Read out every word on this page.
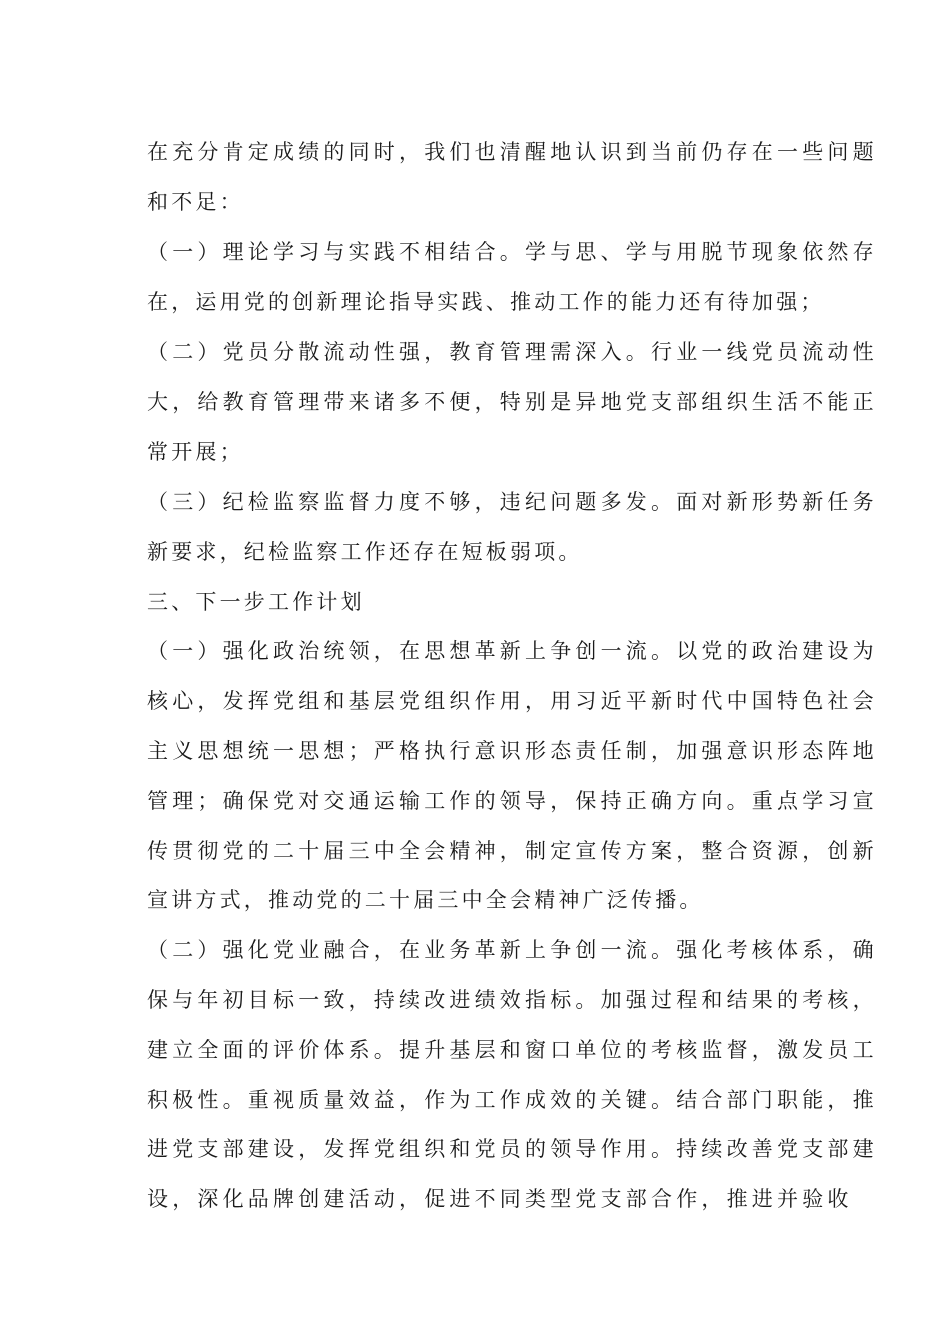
在充分肯定成绩的同时，我们也清醒地认识到当前仍存在一些问题

和不足：

（一）理论学习与实践不相结合。学与思、学与用脱节现象依然存

在，运用党的创新理论指导实践、推动工作的能力还有待加强；

（二）党员分散流动性强，教育管理需深入。行业一线党员流动性

大，给教育管理带来诸多不便，特别是异地党支部组织生活不能正

常开展；

（三）纪检监察监督力度不够，违纪问题多发。面对新形势新任务

新要求，纪检监察工作还存在短板弱项。

三、下一步工作计划

（一）强化政治统领，在思想革新上争创一流。以党的政治建设为

核心，发挥党组和基层党组织作用，用习近平新时代中国特色社会

主义思想统一思想；严格执行意识形态责任制，加强意识形态阵地

管理；确保党对交通运输工作的领导，保持正确方向。重点学习宣

传贯彻党的二十届三中全会精神，制定宣传方案，整合资源，创新

宣讲方式，推动党的二十届三中全会精神广泛传播。

（二）强化党业融合，在业务革新上争创一流。强化考核体系，确

保与年初目标一致，持续改进绩效指标。加强过程和结果的考核，

建立全面的评价体系。提升基层和窗口单位的考核监督，激发员工

积极性。重视质量效益，作为工作成效的关键。结合部门职能，推

进党支部建设，发挥党组织和党员的领导作用。持续改善党支部建

设，深化品牌创建活动，促进不同类型党支部合作，推进并验收
